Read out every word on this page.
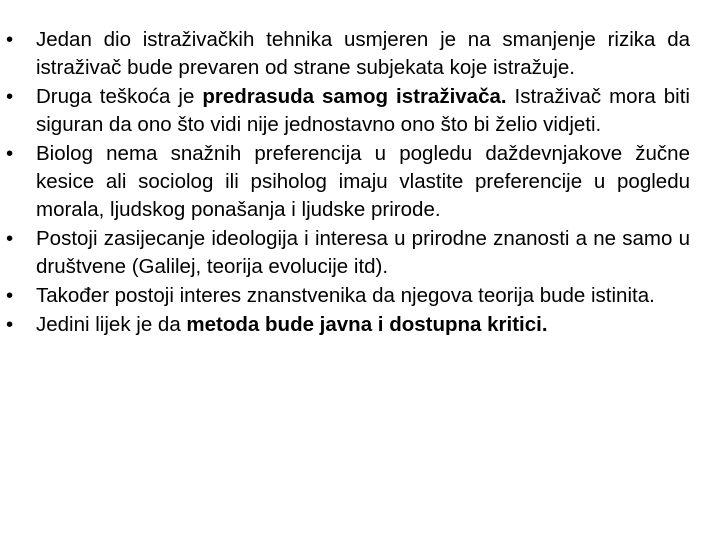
•	Jedan dio istraživačkih tehnika usmjeren je na smanjenje rizika da istraživač bude prevaren od strane subjekata koje istražuje.
•	Druga teškoća je predrasuda samog istraživača. Istraživač mora biti siguran da ono što vidi nije jednostavno ono što bi želio vidjeti.
•	Biolog nema snažnih preferencija u pogledu daždevnjakove žučne kesice ali sociolog ili psiholog imaju vlastite preferencije u pogledu morala, ljudskog ponašanja i ljudske prirode.
•	Postoji zasijecanje ideologija i interesa u prirodne znanosti a ne samo u društvene (Galilej, teorija evolucije itd).
•	Također postoji interes znanstvenika da njegova teorija bude istinita.
•	Jedini lijek je da metoda bude javna i dostupna kritici.
